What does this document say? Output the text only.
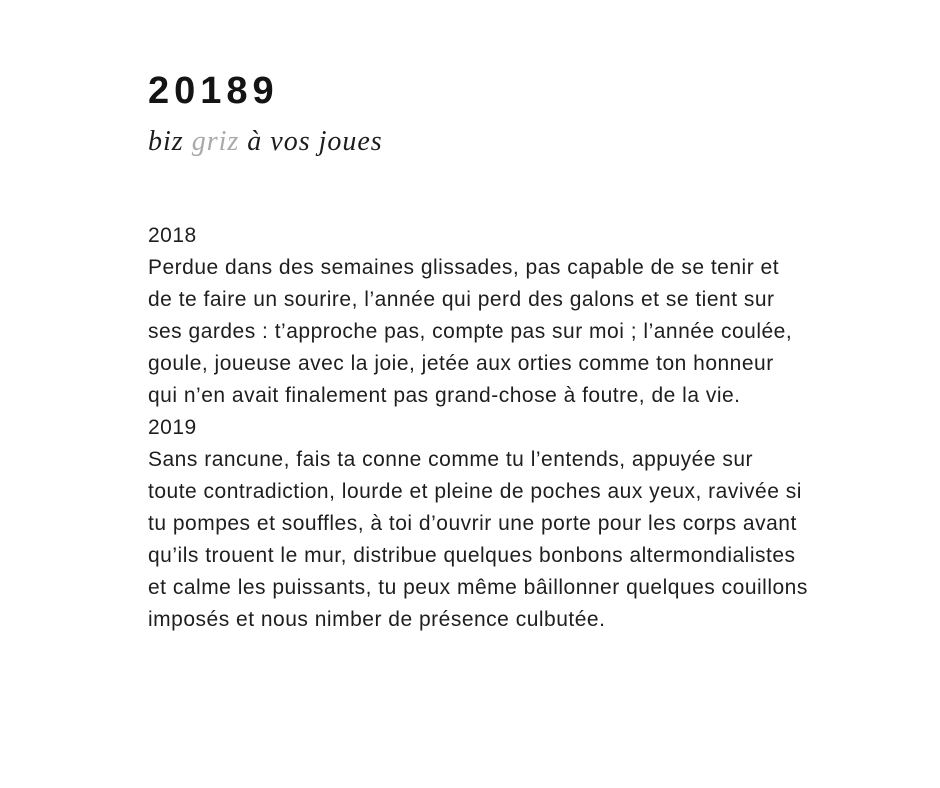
20189
biz griz à vos joues
2018

Perdue dans des semaines glissades, pas capable de se tenir et de te faire un sourire, l’année qui perd des galons et se tient sur ses gardes : t’approche pas, compte pas sur moi ; l’année coulée, goule, joueuse avec la joie, jetée aux orties comme ton honneur qui n’en avait finalement pas grand-chose à foutre, de la vie.

2019

Sans rancune, fais ta conne comme tu l’entends, appuyée sur toute contradiction, lourde et pleine de poches aux yeux, ravivée si tu pompes et souffles, à toi d’ouvrir une porte pour les corps avant qu’ils trouent le mur, distribue quelques bonbons altermondialistes et calme les puissants, tu peux même bâillonner quelques couillons imposés et nous nimber de présence culbutée.
